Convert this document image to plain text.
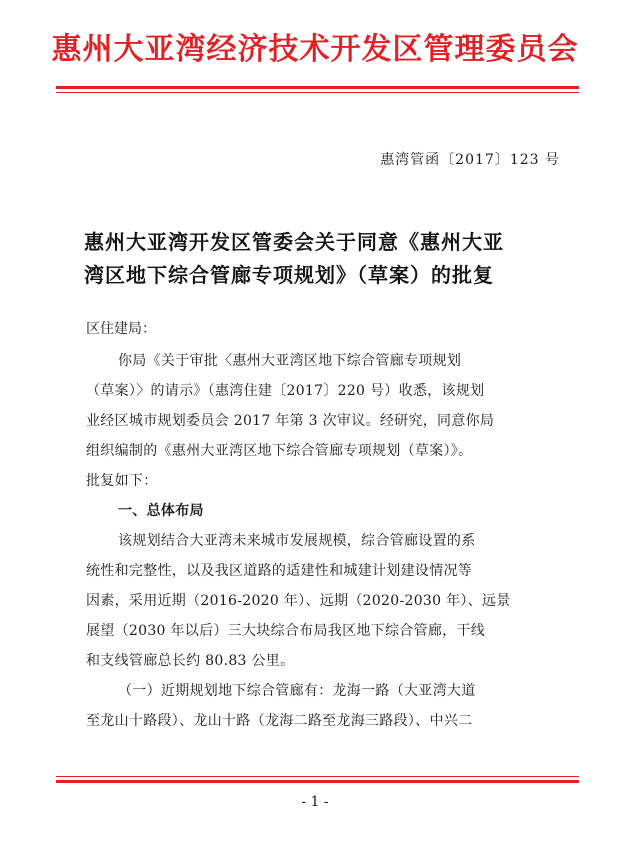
惠州大亚湾经济技术开发区管理委员会
惠湾管函〔2017〕123 号
惠州大亚湾开发区管委会关于同意《惠州大亚
湾区地下综合管廊专项规划》（草案）的批复
区住建局：
你局《关于审批〈惠州大亚湾区地下综合管廊专项规划
（草案）〉的请示》（惠湾住建〔2017〕220 号）收悉，该规划
业经区城市规划委员会 2017 年第 3 次审议。经研究，同意你局
组织编制的《惠州大亚湾区地下综合管廊专项规划（草案）》。
批复如下：
一、总体布局
该规划结合大亚湾未来城市发展规模，综合管廊设置的系
统性和完整性，以及我区道路的适建性和城建计划建设情况等
因素，采用近期（2016-2020 年）、远期（2020-2030 年）、远景
展望（2030 年以后）三大块综合布局我区地下综合管廊，干线
和支线管廊总长约 80.83 公里。
（一）近期规划地下综合管廊有：龙海一路（大亚湾大道
至龙山十路段）、龙山十路（龙海二路至龙海三路段）、中兴二
- 1 -
